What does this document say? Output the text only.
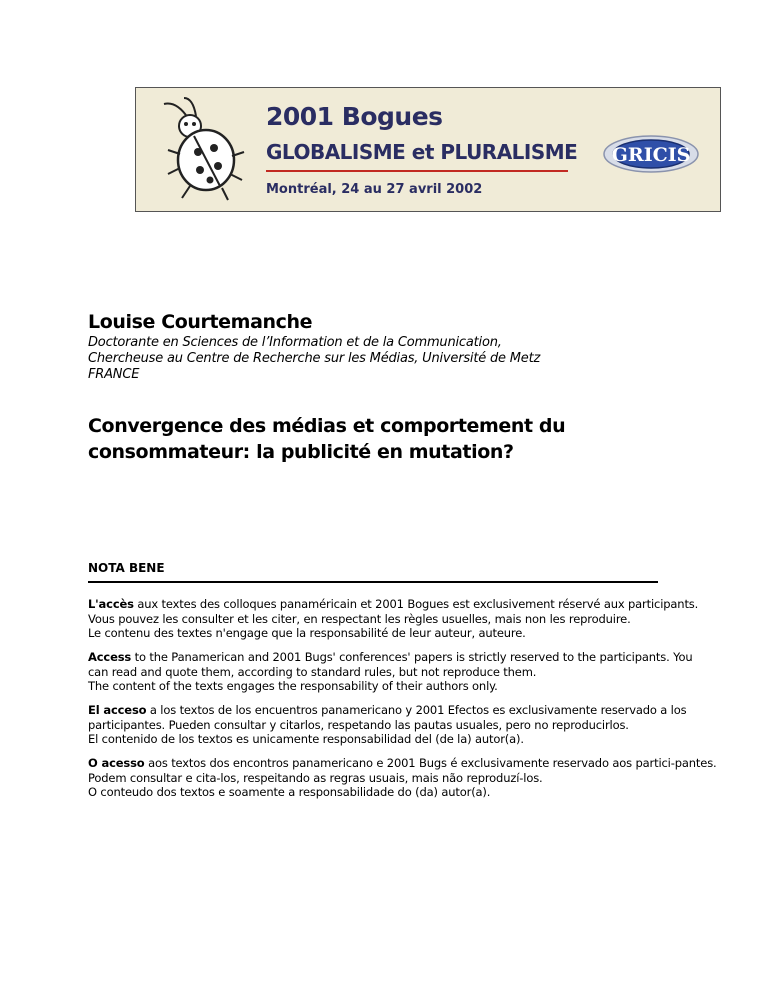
2001 Bogues
GLOBALISME et PLURALISME
Montréal, 24 au 27 avril 2002
GRICIS
Louise Courtemanche
Doctorante en Sciences de l’Information et de la Communication,
Chercheuse au Centre de Recherche sur les Médias, Université de Metz
FRANCE
Convergence des médias et comportement du consommateur: la publicité en mutation?
NOTA BENE
L'accès aux textes des colloques panaméricain et 2001 Bogues est exclusivement réservé aux participants.
Vous pouvez les consulter et les citer, en respectant les règles usuelles, mais non les reproduire.
Le contenu des textes n'engage que la responsabilité de leur auteur, auteure.
Access to the Panamerican and 2001 Bugs' conferences' papers is strictly reserved to the participants. You
can read and quote them, according to standard rules, but not reproduce them.
The content of the texts engages the responsability of their authors only.
El acceso a los textos de los encuentros panamericano y 2001 Efectos es exclusivamente reservado a los
participantes. Pueden consultar y citarlos, respetando las pautas usuales, pero no reproducirlos.
El contenido de los textos es unicamente responsabilidad del (de la) autor(a).
O acesso aos textos dos encontros panamericano e 2001 Bugs é exclusivamente reservado aos partici-pantes.
Podem consultar e cita-los, respeitando as regras usuais, mais não reproduzí-los.
O conteudo dos textos e soamente a responsabilidade do (da) autor(a).
